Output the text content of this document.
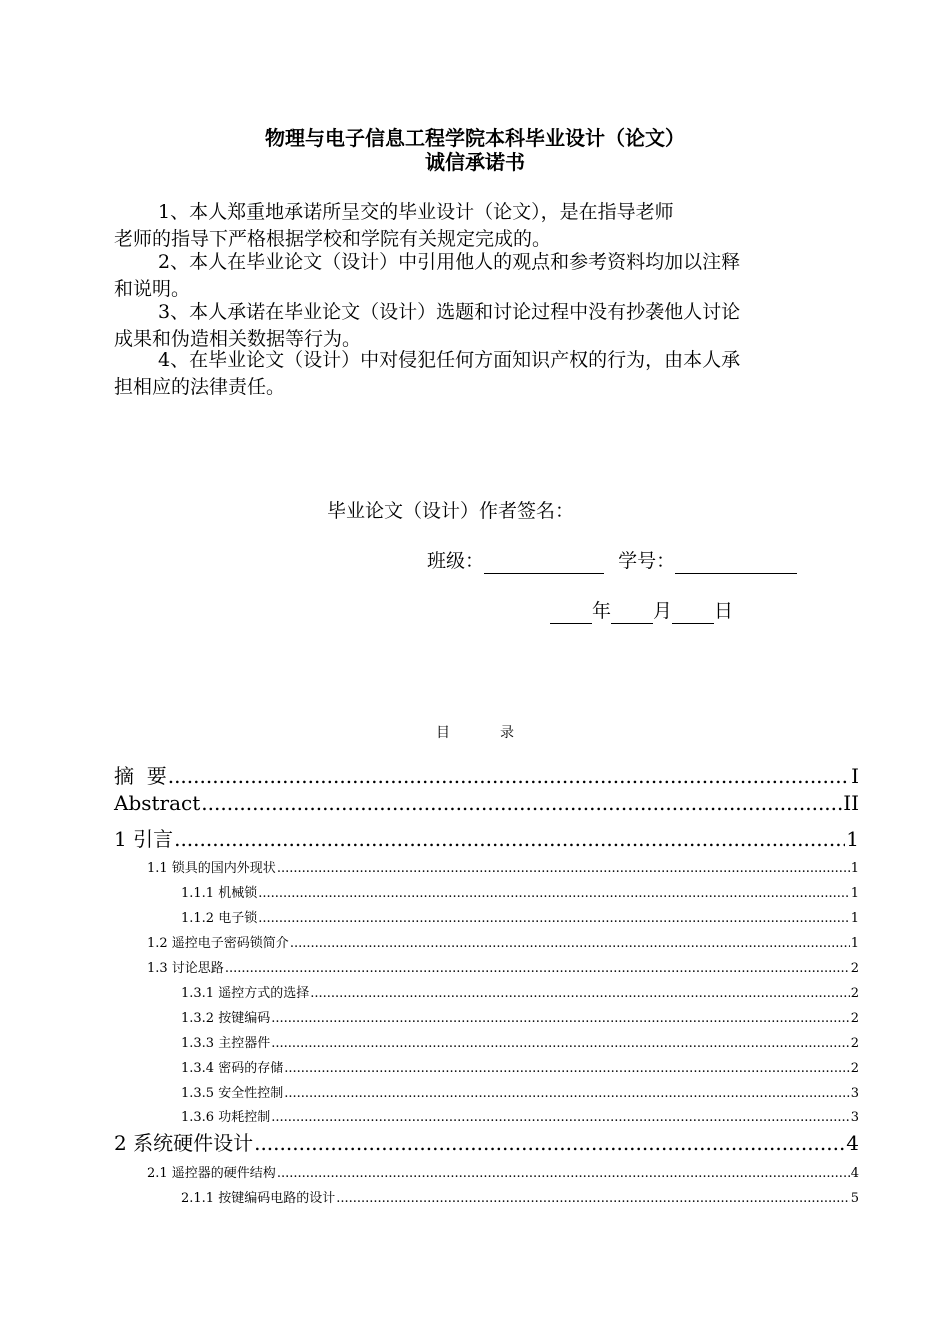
物理与电子信息工程学院本科毕业设计（论文）
诚信承诺书
1、本人郑重地承诺所呈交的毕业设计（论文），是在指导老师
老师的指导下严格根据学校和学院有关规定完成的。
2、本人在毕业论文（设计）中引用他人的观点和参考资料均加以注释
和说明。
3、本人承诺在毕业论文（设计）选题和讨论过程中没有抄袭他人讨论
成果和伪造相关数据等行为。
4、在毕业论文（设计）中对侵犯任何方面知识产权的行为，由本人承
担相应的法律责任。
毕业论文（设计）作者签名：
班级：	学号：
年 月 日
目录
摘  要 .....	I
Abstract .....	II
1 引言 .....	1
1.1 锁具的国内外现状 .....	1
1.1.1 机械锁 .....	1
1.1.2 电子锁 .....	1
1.2 遥控电子密码锁简介 .....	1
1.3 讨论思路 .....	2
1.3.1 遥控方式的选择 .....	2
1.3.2 按键编码 .....	2
1.3.3 主控器件 .....	2
1.3.4 密码的存储 .....	2
1.3.5 安全性控制 .....	3
1.3.6 功耗控制 .....	3
2 系统硬件设计 .....	4
2.1 遥控器的硬件结构 .....	4
2.1.1 按键编码电路的设计 .....	5
